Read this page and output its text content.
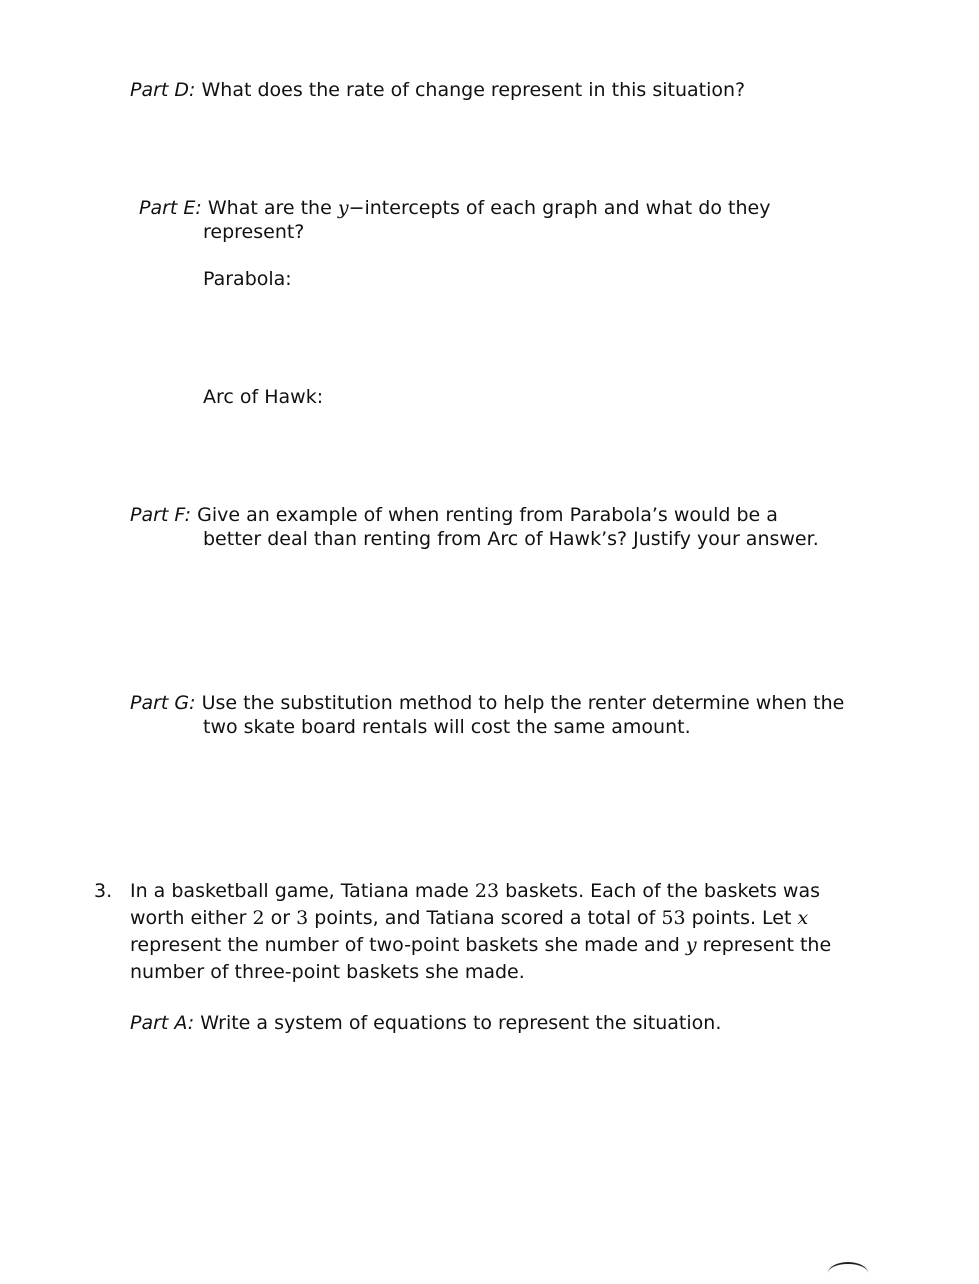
Part D: What does the rate of change represent in this situation?
Part E: What are the y−intercepts of each graph and what do they
represent?
Parabola:
Arc of Hawk:
Part F: Give an example of when renting from Parabola’s would be a
better deal than renting from Arc of Hawk’s? Justify your answer.
Part G: Use the substitution method to help the renter determine when the
two skate board rentals will cost the same amount.
3. In a basketball game, Tatiana made 23 baskets. Each of the baskets was
worth either 2 or 3 points, and Tatiana scored a total of 53 points. Let x
represent the number of two-point baskets she made and y represent the
number of three-point baskets she made.
Part A: Write a system of equations to represent the situation.
